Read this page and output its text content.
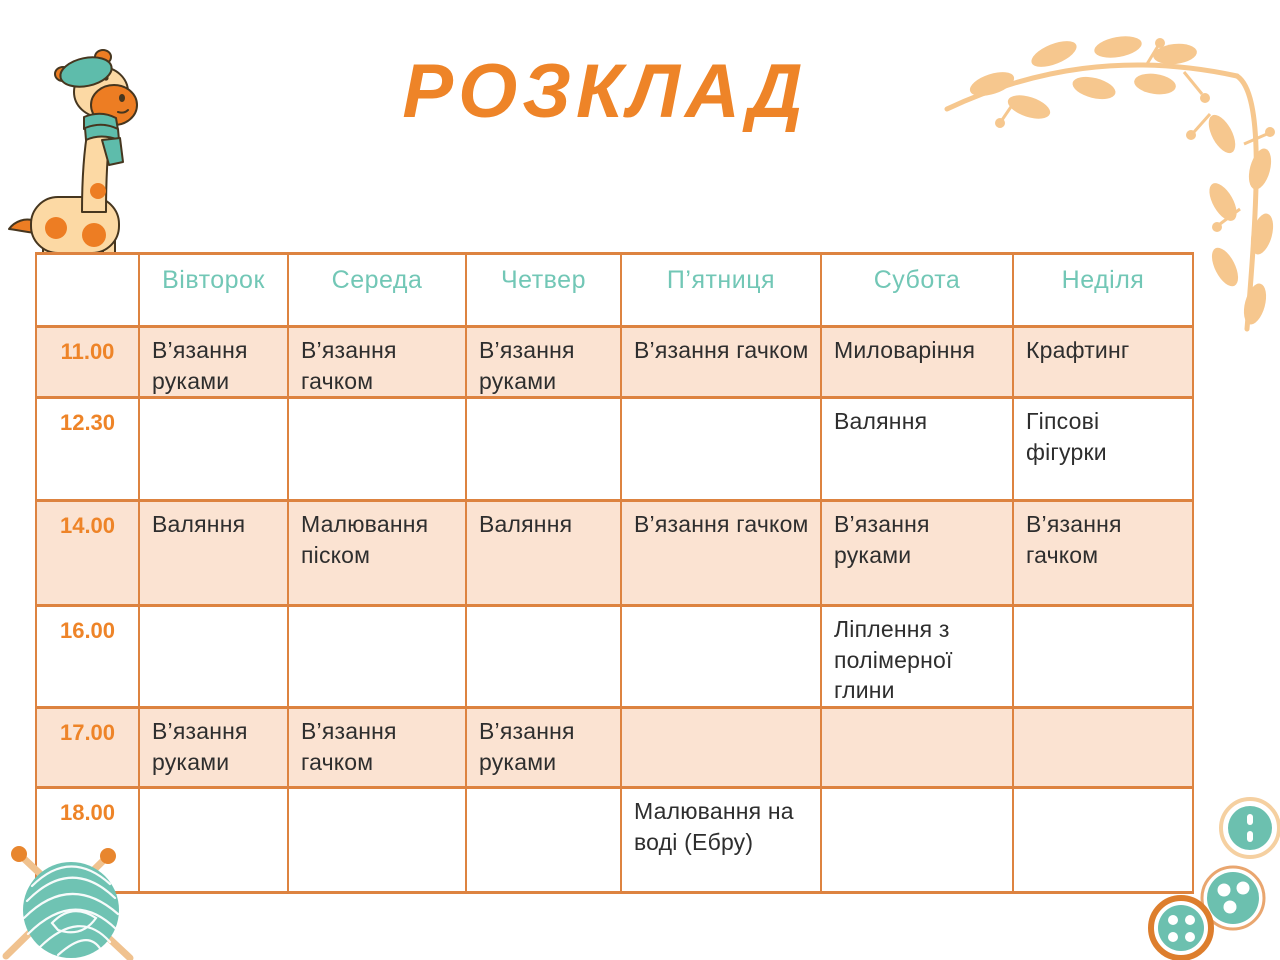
РОЗКЛАД
	Вівторок	Середа	Четвер	П’ятниця	Субота	Неділя
11.00	В’язання руками	В’язання гачком	В’язання руками	В’язання гачком	Миловаріння	Крафтинг
12.30					Валяння	Гіпсові фігурки
14.00	Валяння	Малювання піском	Валяння	В’язання гачком	В’язання руками	В’язання гачком
16.00					Ліплення з полімерної глини	
17.00	В’язання руками	В’язання гачком	В’язання руками			
18.00				Малювання на воді (Ебру)		
